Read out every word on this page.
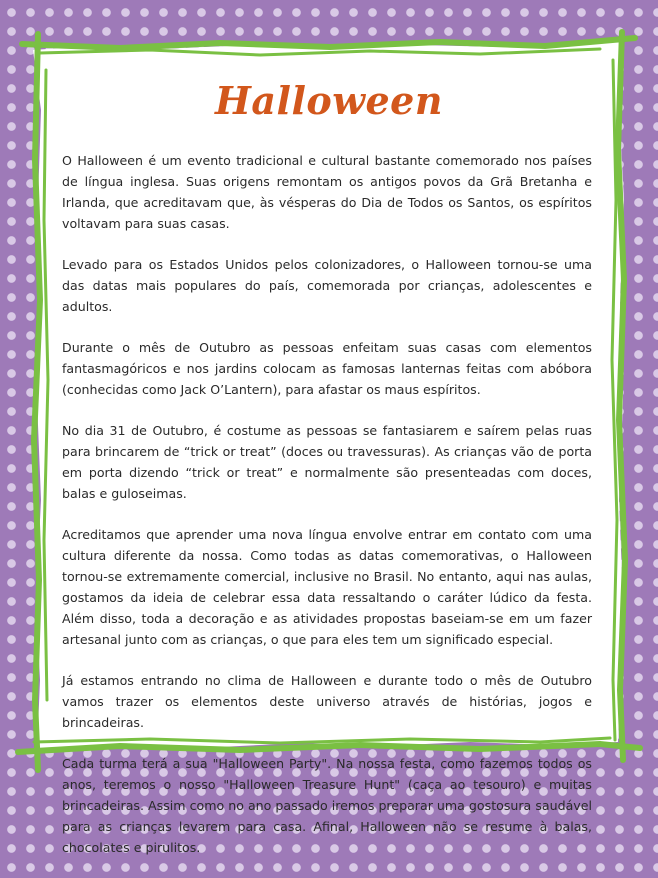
Halloween

O Halloween é um evento tradicional e cultural bastante comemorado nos países de língua inglesa. Suas origens remontam os antigos povos da Grã Bretanha e Irlanda, que acreditavam que, às vésperas do Dia de Todos os Santos, os espíritos voltavam para suas casas.

Levado para os Estados Unidos pelos colonizadores, o Halloween tornou-se uma das datas mais populares do país, comemorada por crianças, adolescentes e adultos.

Durante o mês de Outubro as pessoas enfeitam suas casas com elementos fantasmagóricos e nos jardins colocam as famosas lanternas feitas com abóbora (conhecidas como Jack O’Lantern), para afastar os maus espíritos.

No dia 31 de Outubro, é costume as pessoas se fantasiarem e saírem pelas ruas para brincarem de “trick or treat” (doces ou travessuras). As crianças vão de porta em porta dizendo “trick or treat” e normalmente são presenteadas com doces, balas e guloseimas.

Acreditamos que aprender uma nova língua envolve entrar em contato com uma cultura diferente da nossa. Como todas as datas comemorativas, o Halloween tornou-se extremamente comercial, inclusive no Brasil. No entanto, aqui nas aulas, gostamos da ideia de celebrar essa data ressaltando o caráter lúdico da festa. Além disso, toda a decoração e as atividades propostas baseiam-se em um fazer artesanal junto com as crianças, o que para eles tem um significado especial.

Já estamos entrando no clima de Halloween e durante todo o mês de Outubro vamos trazer os elementos deste universo através de histórias, jogos e brincadeiras.

Cada turma terá a sua "Halloween Party". Na nossa festa, como fazemos todos os anos, teremos o nosso "Halloween Treasure Hunt" (caça ao tesouro) e muitas brincadeiras. Assim como no ano passado iremos preparar uma gostosura saudável para as crianças levarem para casa. Afinal, Halloween não se resume à balas, chocolates e pirulitos.
